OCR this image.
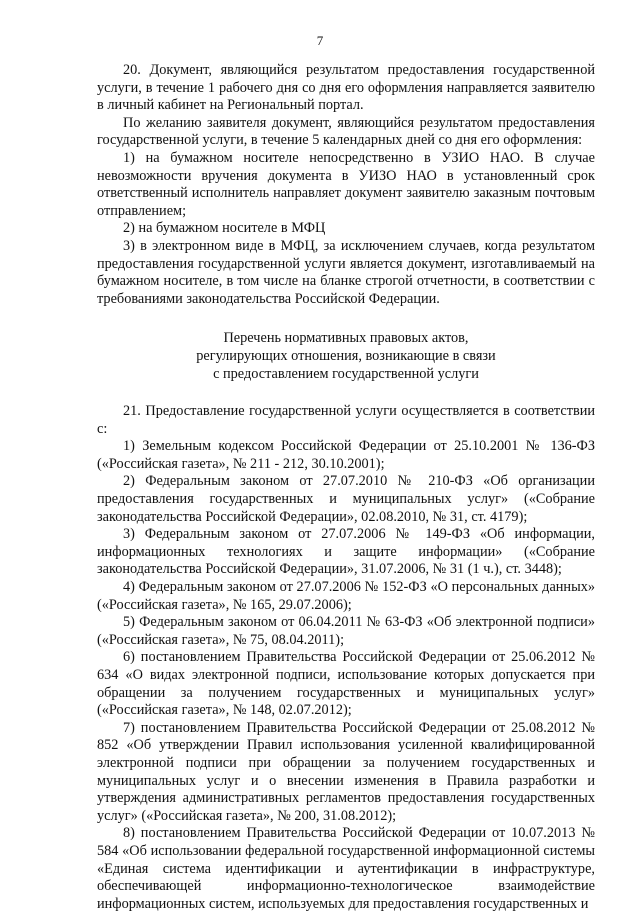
7

20. Документ, являющийся результатом предоставления государственной услуги, в течение 1 рабочего дня со дня его оформления направляется заявителю в личный кабинет на Региональный портал.

По желанию заявителя документ, являющийся результатом предоставления государственной услуги, в течение 5 календарных дней со дня его оформления:

1) на бумажном носителе непосредственно в УЗИО НАО. В случае невозможности вручения документа в УИЗО НАО в установленный срок ответственный исполнитель направляет документ заявителю заказным почтовым отправлением;

2) на бумажном носителе в МФЦ

3) в электронном виде в МФЦ, за исключением случаев, когда результатом предоставления государственной услуги является документ, изготавливаемый на бумажном носителе, в том числе на бланке строгой отчетности, в соответствии с требованиями законодательства Российской Федерации.

Перечень нормативных правовых актов,
регулирующих отношения, возникающие в связи
с предоставлением государственной услуги

21. Предоставление государственной услуги осуществляется в соответствии с:

1) Земельным кодексом Российской Федерации от 25.10.2001 № 136-ФЗ («Российская газета», № 211 - 212, 30.10.2001);

2) Федеральным законом от 27.07.2010 № 210-ФЗ «Об организации предоставления государственных и муниципальных услуг» («Собрание законодательства Российской Федерации», 02.08.2010, № 31, ст. 4179);

3) Федеральным законом от 27.07.2006 № 149-ФЗ «Об информации, информационных технологиях и защите информации» («Собрание законодательства Российской Федерации», 31.07.2006, № 31 (1 ч.), ст. 3448);

4) Федеральным законом от 27.07.2006 № 152-ФЗ «О персональных данных» («Российская газета», № 165, 29.07.2006);

5) Федеральным законом от 06.04.2011 № 63-ФЗ «Об электронной подписи» («Российская газета», № 75, 08.04.2011);

6) постановлением Правительства Российской Федерации от 25.06.2012 № 634 «О видах электронной подписи, использование которых допускается при обращении за получением государственных и муниципальных услуг» («Российская газета», № 148, 02.07.2012);

7) постановлением Правительства Российской Федерации от 25.08.2012 № 852 «Об утверждении Правил использования усиленной квалифицированной электронной подписи при обращении за получением государственных и муниципальных услуг и о внесении изменения в Правила разработки и утверждения административных регламентов предоставления государственных услуг» («Российская газета», № 200, 31.08.2012);

8) постановлением Правительства Российской Федерации от 10.07.2013 № 584 «Об использовании федеральной государственной информационной системы «Единая система идентификации и аутентификации в инфраструктуре, обеспечивающей информационно-технологическое взаимодействие информационных систем, используемых для предоставления государственных и
